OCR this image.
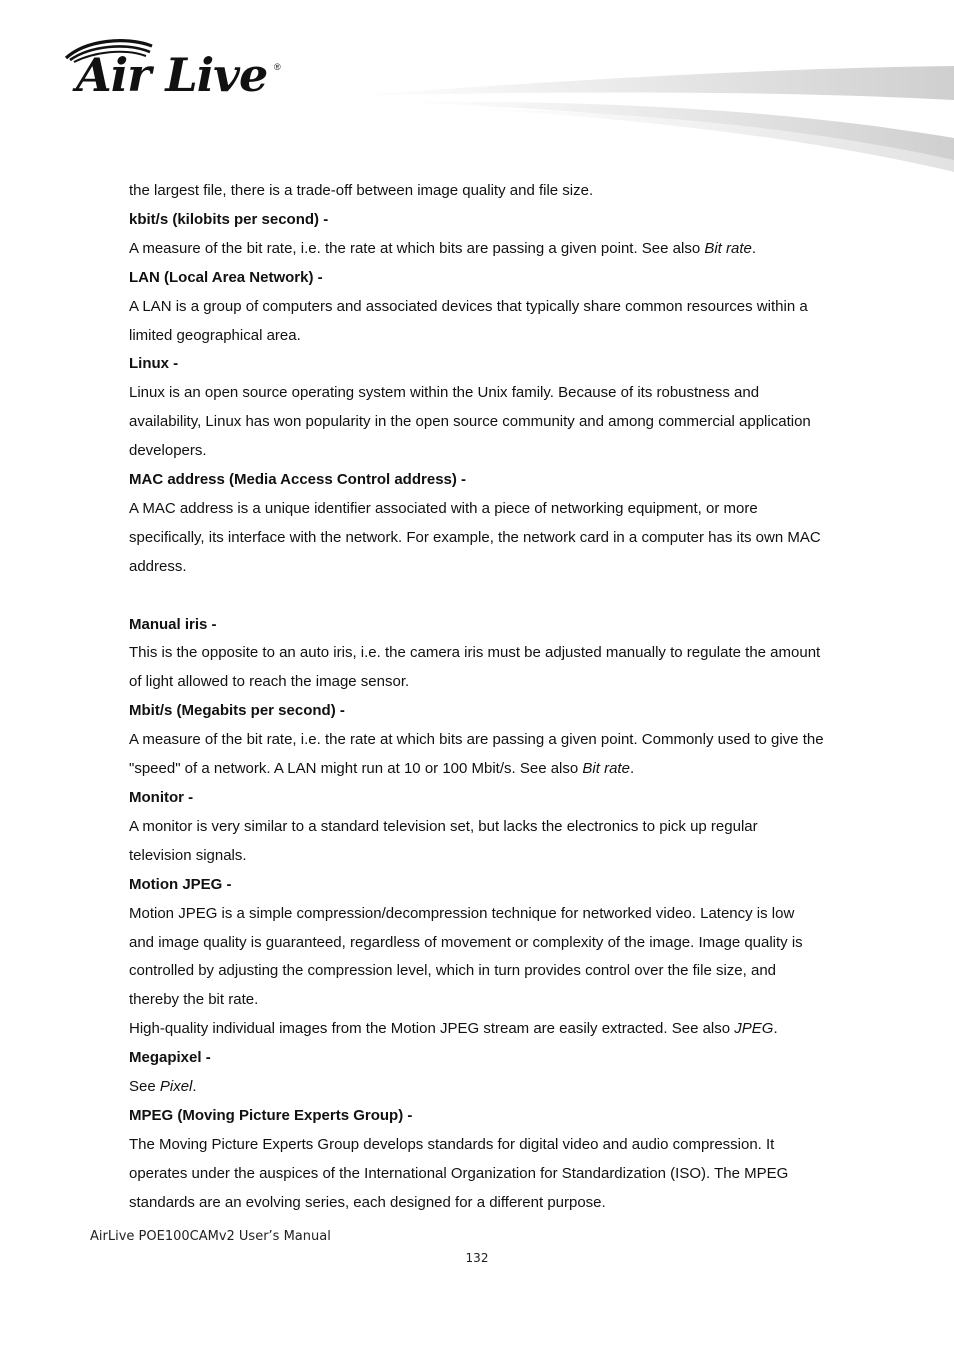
Air Live ®

the largest file, there is a trade-off between image quality and file size.

kbit/s (kilobits per second) -

A measure of the bit rate, i.e. the rate at which bits are passing a given point. See also Bit rate.

LAN (Local Area Network) -

A LAN is a group of computers and associated devices that typically share common resources within a

limited geographical area.

Linux -

Linux is an open source operating system within the Unix family. Because of its robustness and

availability, Linux has won popularity in the open source community and among commercial application

developers.

MAC address (Media Access Control address) -

A MAC address is a unique identifier associated with a piece of networking equipment, or more

specifically, its interface with the network. For example, the network card in a computer has its own MAC

address.

Manual iris -

This is the opposite to an auto iris, i.e. the camera iris must be adjusted manually to regulate the amount

of light allowed to reach the image sensor.

Mbit/s (Megabits per second) -

A measure of the bit rate, i.e. the rate at which bits are passing a given point. Commonly used to give the

"speed" of a network. A LAN might run at 10 or 100 Mbit/s. See also Bit rate.

Monitor -

A monitor is very similar to a standard television set, but lacks the electronics to pick up regular

television signals.

Motion JPEG -

Motion JPEG is a simple compression/decompression technique for networked video. Latency is low

and image quality is guaranteed, regardless of movement or complexity of the image. Image quality is

controlled by adjusting the compression level, which in turn provides control over the file size, and

thereby the bit rate.

High-quality individual images from the Motion JPEG stream are easily extracted. See also JPEG.

Megapixel -

See Pixel.

MPEG (Moving Picture Experts Group) -

The Moving Picture Experts Group develops standards for digital video and audio compression. It

operates under the auspices of the International Organization for Standardization (ISO). The MPEG

standards are an evolving series, each designed for a different purpose.

AirLive POE100CAMv2 User’s Manual
132
